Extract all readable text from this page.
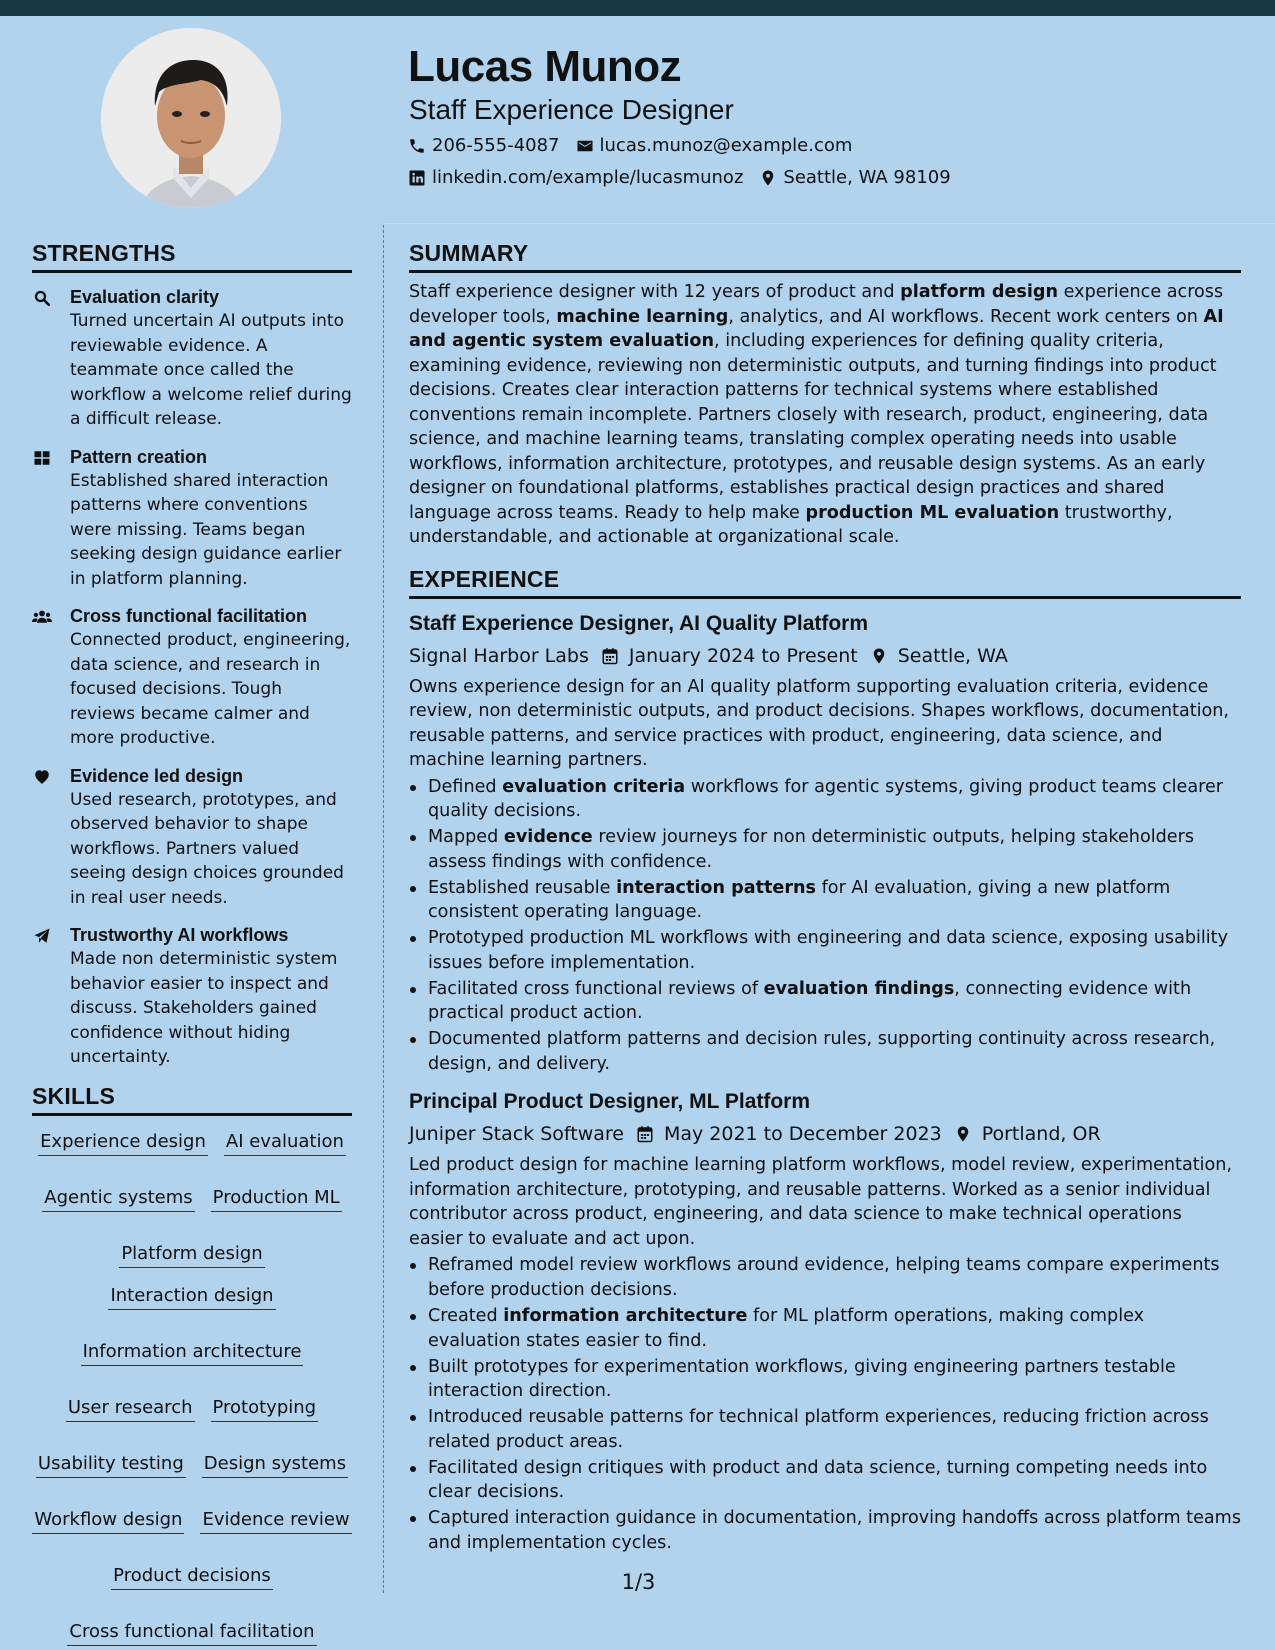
Lucas Munoz
Staff Experience Designer
206-555-4087 lucas.munoz@example.com
linkedin.com/example/lucasmunoz Seattle, WA 98109
STRENGTHS
Evaluation clarity
Turned uncertain AI outputs into reviewable evidence. A teammate once called the workflow a welcome relief during a difficult release.
Pattern creation
Established shared interaction patterns where conventions were missing. Teams began seeking design guidance earlier in platform planning.
Cross functional facilitation
Connected product, engineering, data science, and research in focused decisions. Tough reviews became calmer and more productive.
Evidence led design
Used research, prototypes, and observed behavior to shape workflows. Partners valued seeing design choices grounded in real user needs.
Trustworthy AI workflows
Made non deterministic system behavior easier to inspect and discuss. Stakeholders gained confidence without hiding uncertainty.
SKILLS
Experience design AI evaluation
Agentic systems Production ML
Platform design
Interaction design
Information architecture
User research Prototyping
Usability testing Design systems
Workflow design Evidence review
Product decisions
Cross functional facilitation
SUMMARY

Staff experience designer with 12 years of product and platform design experience across developer tools, machine learning, analytics, and AI workflows. Recent work centers on AI and agentic system evaluation, including experiences for defining quality criteria, examining evidence, reviewing non deterministic outputs, and turning findings into product decisions. Creates clear interaction patterns for technical systems where established conventions remain incomplete. Partners closely with research, product, engineering, data science, and machine learning teams, translating complex operating needs into usable workflows, information architecture, prototypes, and reusable design systems. As an early designer on foundational platforms, establishes practical design practices and shared language across teams. Ready to help make production ML evaluation trustworthy, understandable, and actionable at organizational scale.

EXPERIENCE
Staff Experience Designer, AI Quality Platform
Signal Harbor Labs January 2024 to Present Seattle, WA
Owns experience design for an AI quality platform supporting evaluation criteria, evidence review, non deterministic outputs, and product decisions. Shapes workflows, documentation, reusable patterns, and service practices with product, engineering, data science, and machine learning partners.
Defined evaluation criteria workflows for agentic systems, giving product teams clearer quality decisions.
Mapped evidence review journeys for non deterministic outputs, helping stakeholders assess findings with confidence.
Established reusable interaction patterns for AI evaluation, giving a new platform consistent operating language.
Prototyped production ML workflows with engineering and data science, exposing usability issues before implementation.
Facilitated cross functional reviews of evaluation findings, connecting evidence with practical product action.
Documented platform patterns and decision rules, supporting continuity across research, design, and delivery.
Principal Product Designer, ML Platform
Juniper Stack Software May 2021 to December 2023 Portland, OR
Led product design for machine learning platform workflows, model review, experimentation, information architecture, prototyping, and reusable patterns. Worked as a senior individual contributor across product, engineering, and data science to make technical operations easier to evaluate and act upon.
Reframed model review workflows around evidence, helping teams compare experiments before production decisions.
Created information architecture for ML platform operations, making complex evaluation states easier to find.
Built prototypes for experimentation workflows, giving engineering partners testable interaction direction.
Introduced reusable patterns for technical platform experiences, reducing friction across related product areas.
Facilitated design critiques with product and data science, turning competing needs into clear decisions.
Captured interaction guidance in documentation, improving handoffs across platform teams and implementation cycles.
1/3
